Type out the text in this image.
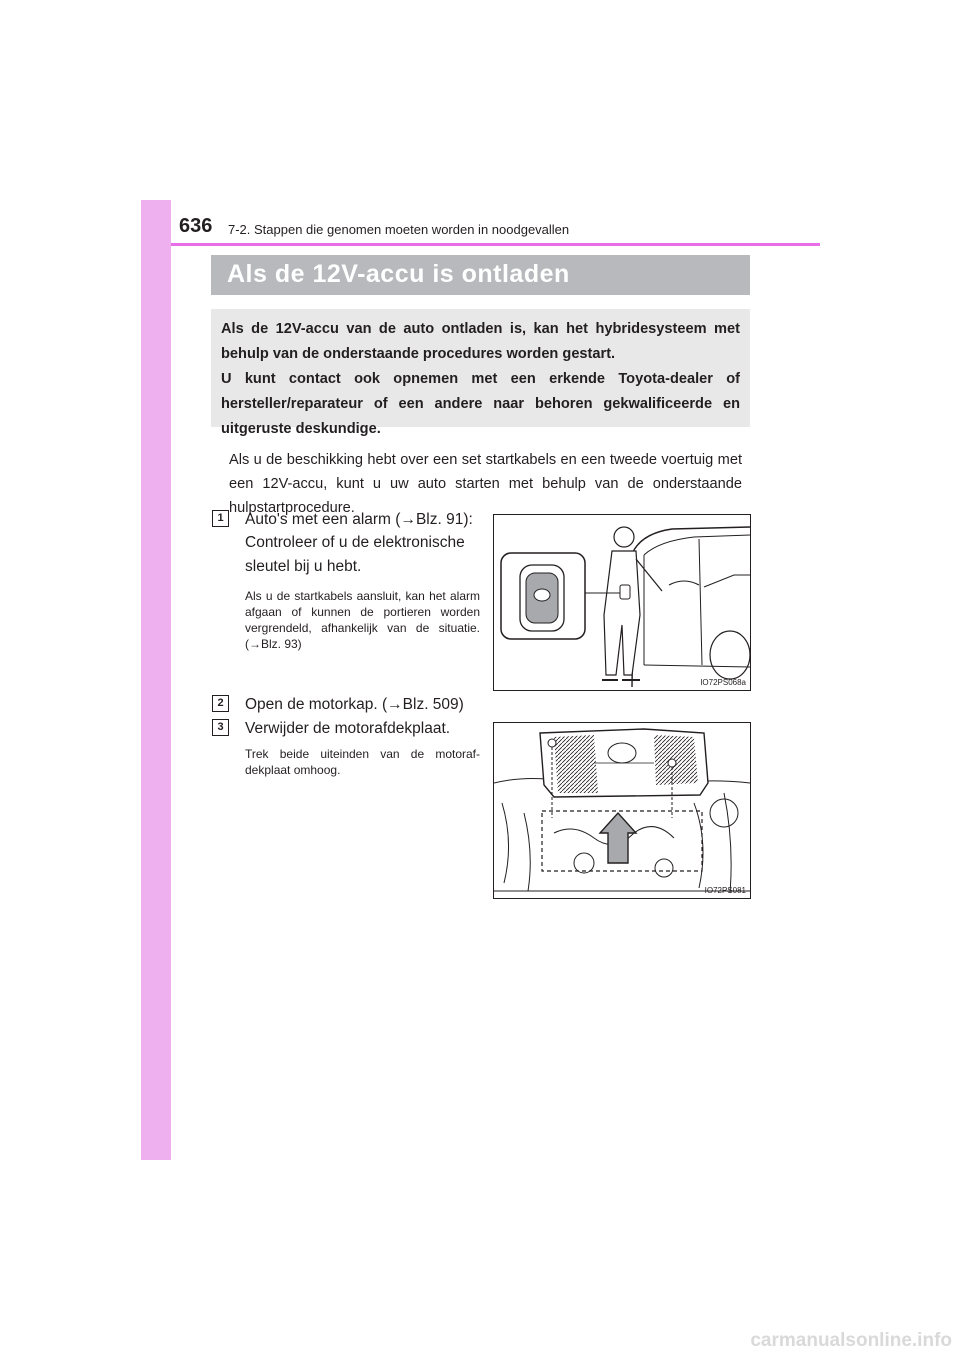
636 7-2. Stappen die genomen moeten worden in noodgevallen
Als de 12V-accu is ontladen

Als de 12V-accu van de auto ontladen is, kan het hybridesysteem met behulp van de onderstaande procedures worden gestart.

U kunt contact ook opnemen met een erkende Toyota-dealer of hersteller/reparateur of een andere naar behoren gekwalificeerde en uitgeruste deskundige.

Als u de beschikking hebt over een set startkabels en een tweede voertuig met een 12V-accu, kunt u uw auto starten met behulp van de onderstaande hulpstartprocedure.

1	Auto's met een alarm (→Blz. 91):
Controleer of u de elektronische
sleutel bij u hebt.

Als u de startkabels aansluit, kan het alarm afgaan of kunnen de portieren worden vergrendeld, afhankelijk van de situatie. (→Blz. 93)

IO72PS068a
2	Open de motorkap. (→Blz. 509)
3	Verwijder de motorafdekplaat.

Trek beide uiteinden van de motoraf- dekplaat omhoog.

IO72PS081
carmanualsonline.info
